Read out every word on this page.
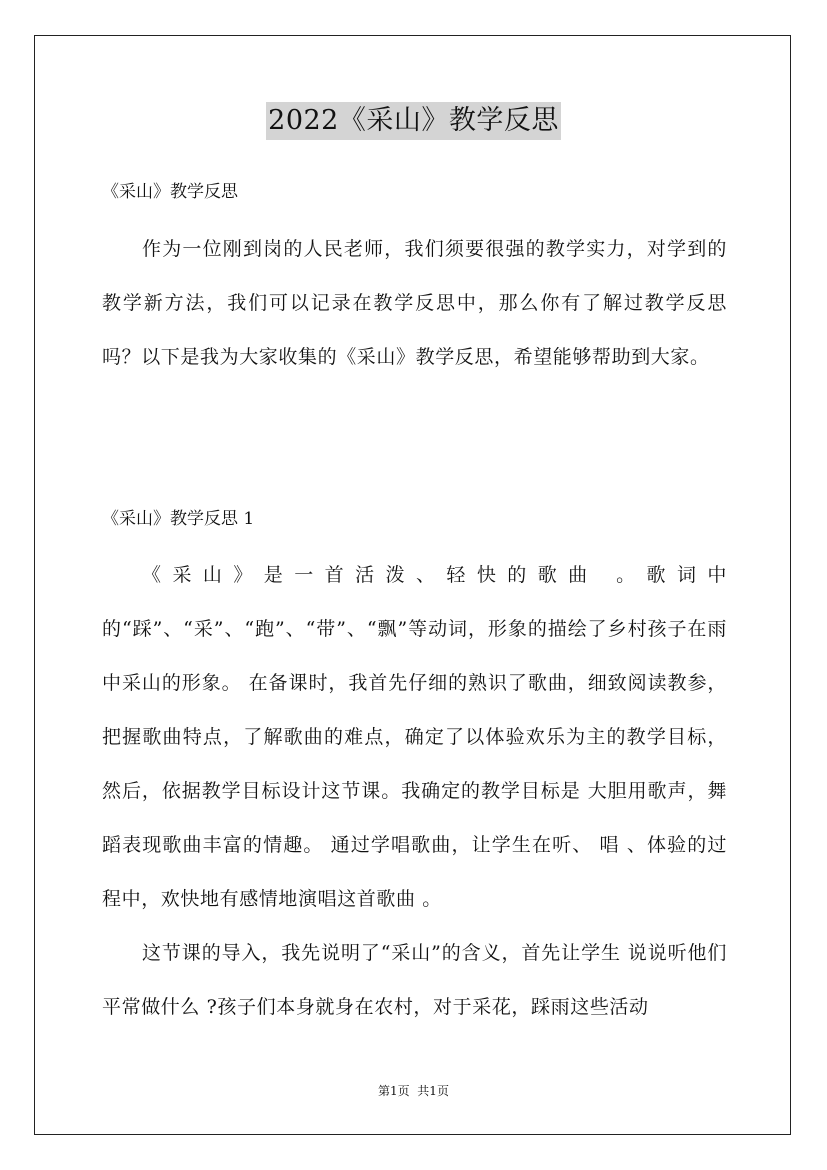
2022《采山》教学反思
《采山》教学反思

作为一位刚到岗的人民老师，我们须要很强的教学实力，对学到的教学新方法，我们可以记录在教学反思中，那么你有了解过教学反思吗？以下是我为大家收集的《采山》教学反思，希望能够帮助到大家。

《采山》教学反思 1

《采山》是一首活泼、轻快的歌曲 。歌词中的“踩”、“采”、“跑”、“带”、“飘”等动词，形象的描绘了乡村孩子在雨中采山的形象。 在备课时，我首先仔细的熟识了歌曲，细致阅读教参，把握歌曲特点，了解歌曲的难点，确定了以体验欢乐为主的教学目标，然后，依据教学目标设计这节课。我确定的教学目标是 大胆用歌声，舞蹈表现歌曲丰富的情趣。 通过学唱歌曲，让学生在听、 唱 、体验的过程中，欢快地有感情地演唱这首歌曲 。

这节课的导入，我先说明了“采山”的含义，首先让学生 说说听他们平常做什么 ?孩子们本身就身在农村，对于采花，踩雨这些活动

第1页  共1页
